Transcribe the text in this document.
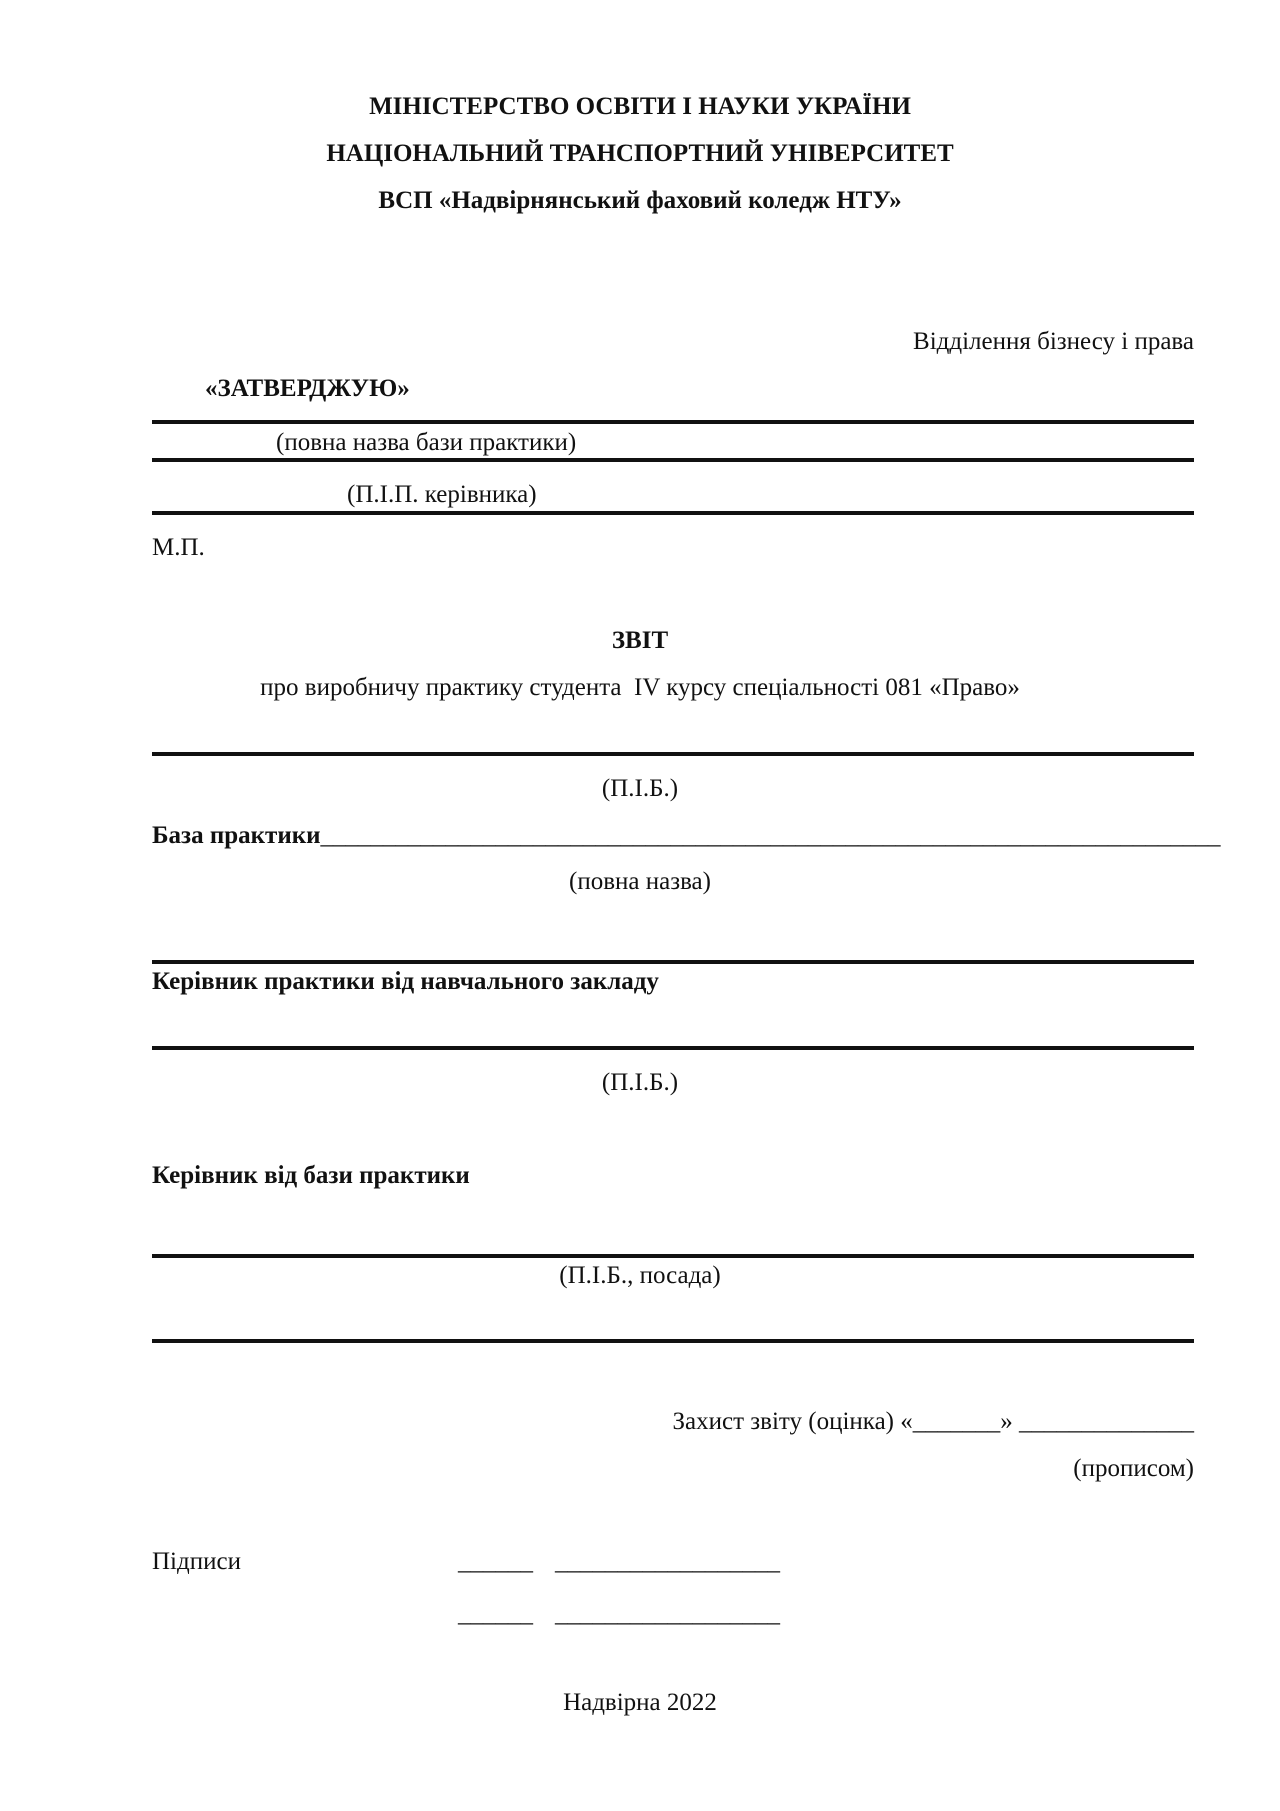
МІНІСТЕРСТВО ОСВІТИ І НАУКИ УКРАЇНИ
НАЦІОНАЛЬНИЙ ТРАНСПОРТНИЙ УНІВЕРСИТЕТ
ВСП «Надвірнянський фаховий коледж НТУ»
Відділення бізнесу і права
«ЗАТВЕРДЖУЮ»
(повна назва бази практики)
(П.І.П. керівника)
М.П.
ЗВІТ
про виробничу практику студента  IV курсу спеціальності 081 «Право»
(П.І.Б.)
База практики________________________________________________________________________
(повна назва)
Керівник практики від навчального закладу
(П.І.Б.)
Керівник від бази практики
(П.І.Б., посада)
Захист звіту (оцінка) «_______» ______________
(прописом)
Підписи	______ __________________
______ __________________
Надвірна 2022
